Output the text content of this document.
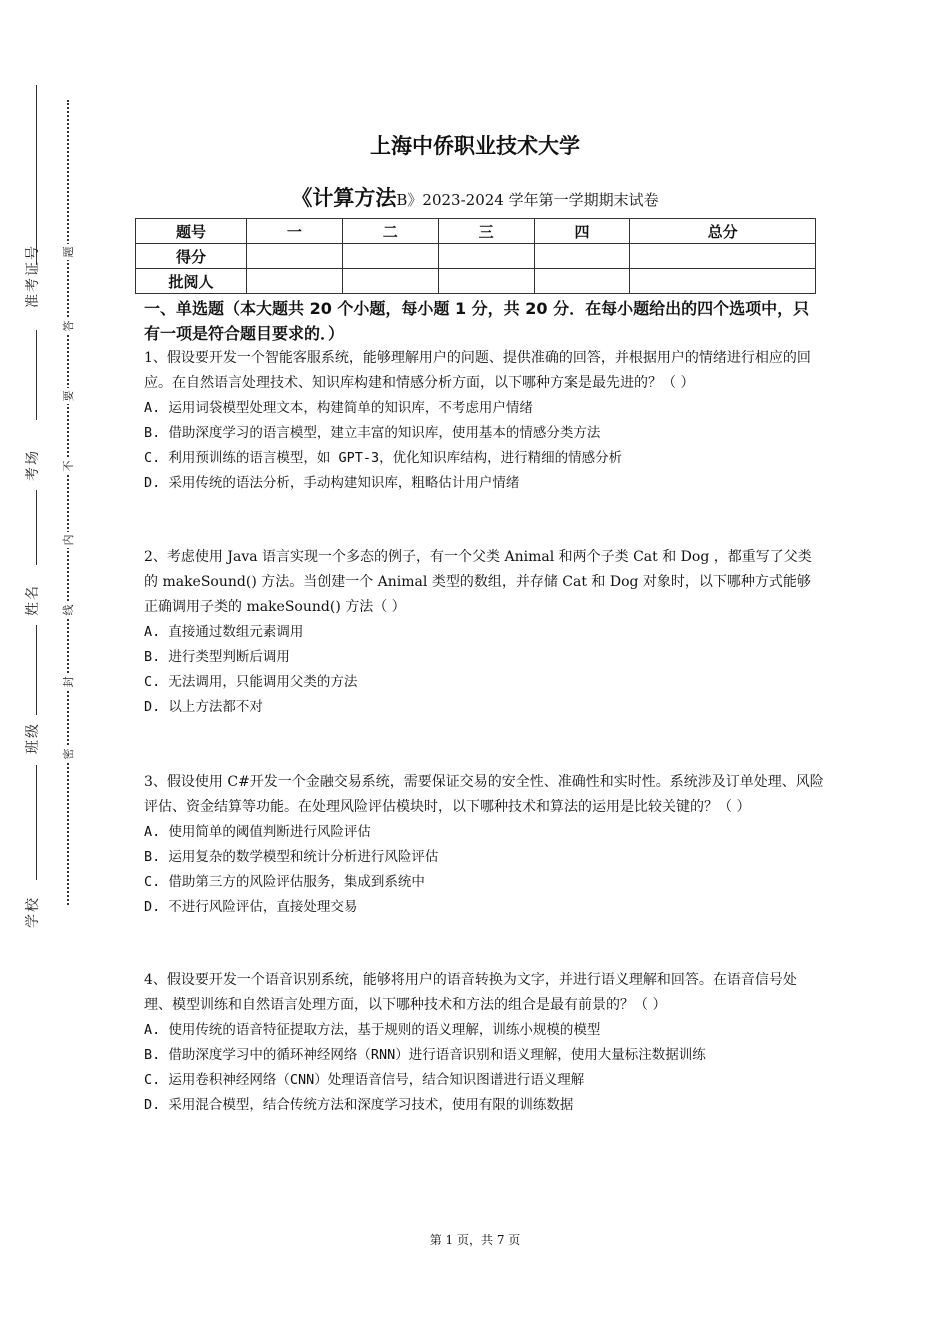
准考证号
考场
姓名
班级
学校
题
答
要
不
内
线
封
密
上海中侨职业技术大学
《计算方法B》2023-2024 学年第一学期期末试卷
题号	一	二	三	四	总分
得分					
批阅人					
一、单选题（本大题共 20 个小题，每小题 1 分，共 20 分．在每小题给出的四个选项中，只有一项是符合题目要求的．）

1、假设要开发一个智能客服系统，能够理解用户的问题、提供准确的回答，并根据用户的情绪进行相应的回应。在自然语言处理技术、知识库构建和情感分析方面，以下哪种方案是最先进的？（ ）

A. 运用词袋模型处理文本，构建简单的知识库，不考虑用户情绪

B. 借助深度学习的语言模型，建立丰富的知识库，使用基本的情感分类方法

C. 利用预训练的语言模型，如 GPT-3，优化知识库结构，进行精细的情感分析

D. 采用传统的语法分析，手动构建知识库，粗略估计用户情绪

2、考虑使用 Java 语言实现一个多态的例子，有一个父类 Animal 和两个子类 Cat 和 Dog ，都重写了父类的 makeSound() 方法。当创建一个 Animal 类型的数组，并存储 Cat 和 Dog 对象时，以下哪种方式能够正确调用子类的 makeSound() 方法（ ）

A. 直接通过数组元素调用

B. 进行类型判断后调用

C. 无法调用，只能调用父类的方法

D. 以上方法都不对

3、假设使用 C#开发一个金融交易系统，需要保证交易的安全性、准确性和实时性。系统涉及订单处理、风险评估、资金结算等功能。在处理风险评估模块时，以下哪种技术和算法的运用是比较关键的？（ ）

A. 使用简单的阈值判断进行风险评估

B. 运用复杂的数学模型和统计分析进行风险评估

C. 借助第三方的风险评估服务，集成到系统中

D. 不进行风险评估，直接处理交易

4、假设要开发一个语音识别系统，能够将用户的语音转换为文字，并进行语义理解和回答。在语音信号处理、模型训练和自然语言处理方面，以下哪种技术和方法的组合是最有前景的？（ ）

A. 使用传统的语音特征提取方法，基于规则的语义理解，训练小规模的模型

B. 借助深度学习中的循环神经网络（RNN）进行语音识别和语义理解，使用大量标注数据训练

C. 运用卷积神经网络（CNN）处理语音信号，结合知识图谱进行语义理解

D. 采用混合模型，结合传统方法和深度学习技术，使用有限的训练数据

第 1 页，共 7 页
